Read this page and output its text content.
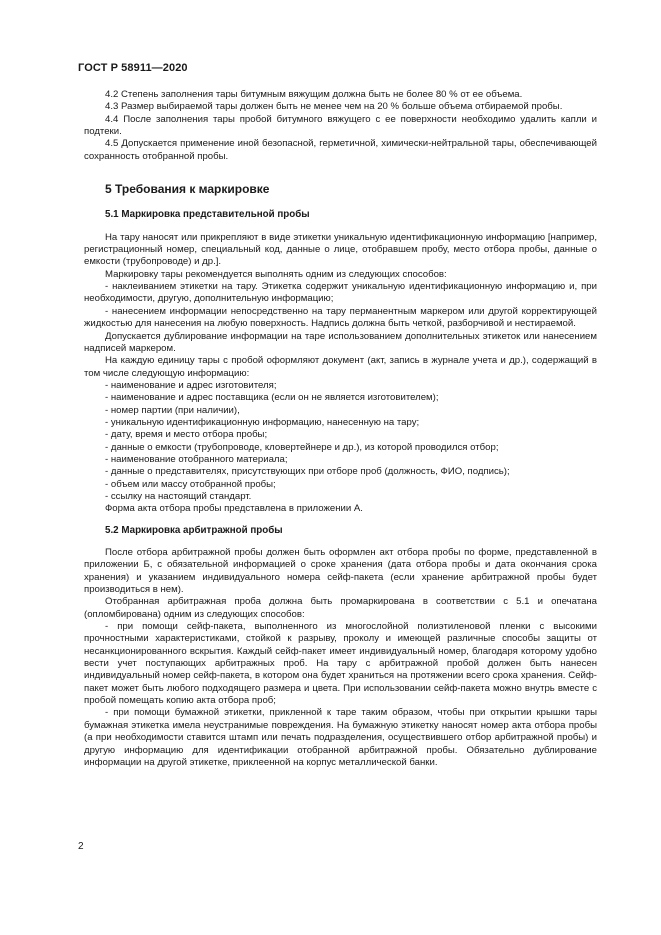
ГОСТ Р 58911—2020

4.2 Степень заполнения тары битумным вяжущим должна быть не более 80 % от ее объема.

4.3 Размер выбираемой тары должен быть не менее чем на 20 % больше объема отбираемой пробы.

4.4 После заполнения тары пробой битумного вяжущего с ее поверхности необходимо удалить капли и подтеки.

4.5 Допускается применение иной безопасной, герметичной, химически-нейтральной тары, обеспечивающей сохранность отобранной пробы.

5 Требования к маркировке
5.1 Маркировка представительной пробы

На тару наносят или прикрепляют в виде этикетки уникальную идентификационную информацию [например, регистрационный номер, специальный код, данные о лице, отобравшем пробу, место отбора пробы, данные о емкости (трубопроводе) и др.].

Маркировку тары рекомендуется выполнять одним из следующих способов:

- наклеиванием этикетки на тару. Этикетка содержит уникальную идентификационную информацию и, при необходимости, другую, дополнительную информацию;

- нанесением информации непосредственно на тару перманентным маркером или другой корректирующей жидкостью для нанесения на любую поверхность. Надпись должна быть четкой, разборчивой и нестираемой.

Допускается дублирование информации на таре использованием дополнительных этикеток или нанесением надписей маркером.

На каждую единицу тары с пробой оформляют документ (акт, запись в журнале учета и др.), содержащий в том числе следующую информацию:

- наименование и адрес изготовителя;

- наименование и адрес поставщика (если он не является изготовителем);

- номер партии (при наличии),

- уникальную идентификационную информацию, нанесенную на тару;

- дату, время и место отбора пробы;

- данные о емкости (трубопроводе, кловертейнере и др.), из которой проводился отбор;

- наименование отобранного материала;

- данные о представителях, присутствующих при отборе проб (должность, ФИО, подпись);

- объем или массу отобранной пробы;

- ссылку на настоящий стандарт.

Форма акта отбора пробы представлена в приложении А.

5.2 Маркировка арбитражной пробы

После отбора арбитражной пробы должен быть оформлен акт отбора пробы по форме, представленной в приложении Б, с обязательной информацией о сроке хранения (дата отбора пробы и дата окончания срока хранения) и указанием индивидуального номера сейф-пакета (если хранение арбитражной пробы будет производиться в нем).

Отобранная арбитражная проба должна быть промаркирована в соответствии с 5.1 и опечатана (опломбирована) одним из следующих способов:

- при помощи сейф-пакета, выполненного из многослойной полиэтиленовой пленки с высокими прочностными характеристиками, стойкой к разрыву, проколу и имеющей различные способы защиты от несанкционированного вскрытия. Каждый сейф-пакет имеет индивидуальный номер, благодаря которому удобно вести учет поступающих арбитражных проб. На тару с арбитражной пробой должен быть нанесен индивидуальный номер сейф-пакета, в котором она будет храниться на протяжении всего срока хранения. Сейф-пакет может быть любого подходящего размера и цвета. При использовании сейф-пакета можно внутрь вместе с пробой помещать копию акта отбора проб;

- при помощи бумажной этикетки, прикленной к таре таким образом, чтобы при открытии крышки тары бумажная этикетка имела неустранимые повреждения. На бумажную этикетку наносят номер акта отбора пробы (а при необходимости ставится штамп или печать подразделения, осуществившего отбор арбитражной пробы) и другую информацию для идентификации отобранной арбитражной пробы. Обязательно дублирование информации на другой этикетке, приклеенной на корпус металлической банки.

2
